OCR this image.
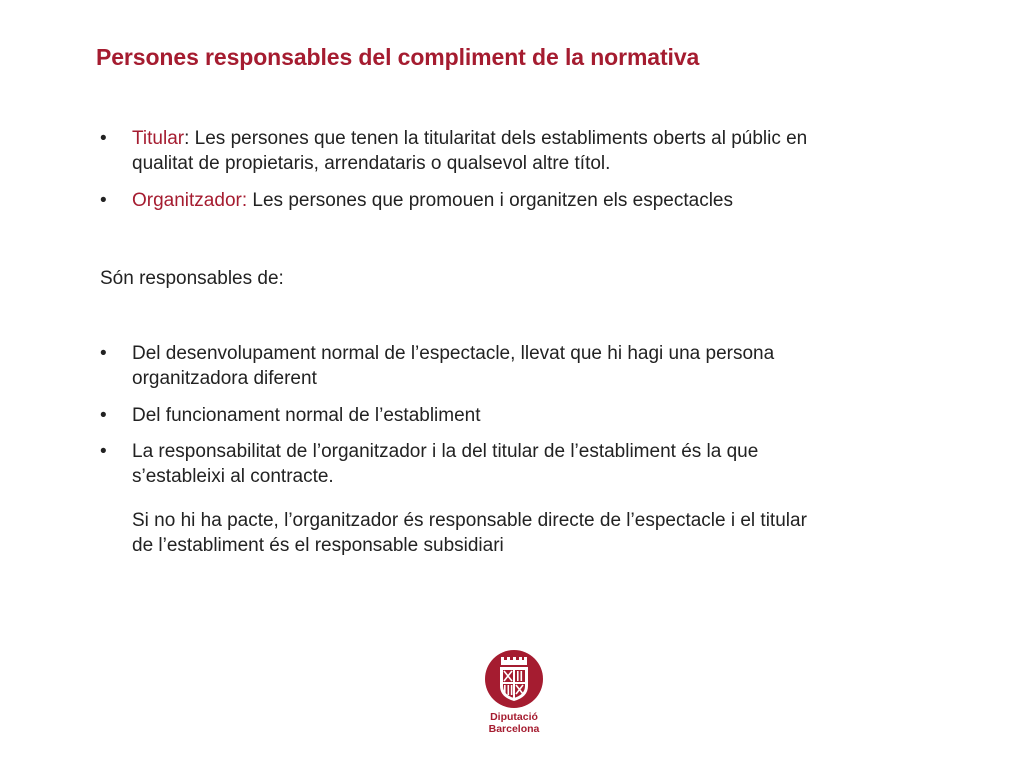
Persones responsables del compliment de la normativa
•	Titular: Les persones que tenen la titularitat dels establiments oberts al públic en
qualitat de propietaris, arrendataris o qualsevol altre títol.
•	Organitzador: Les persones que promouen i organitzen els espectacles
Són responsables de:
•	Del desenvolupament normal de l’espectacle, llevat que hi hagi una persona
organitzadora diferent
•	Del funcionament normal de l’establiment
•	La responsabilitat de l’organitzador i la del titular de l’establiment és la que
s’estableixi al contracte.
Si no hi ha pacte, l’organitzador és responsable directe de l’espectacle i el titular
de l’establiment és el responsable subsidiari
Diputació
Barcelona
